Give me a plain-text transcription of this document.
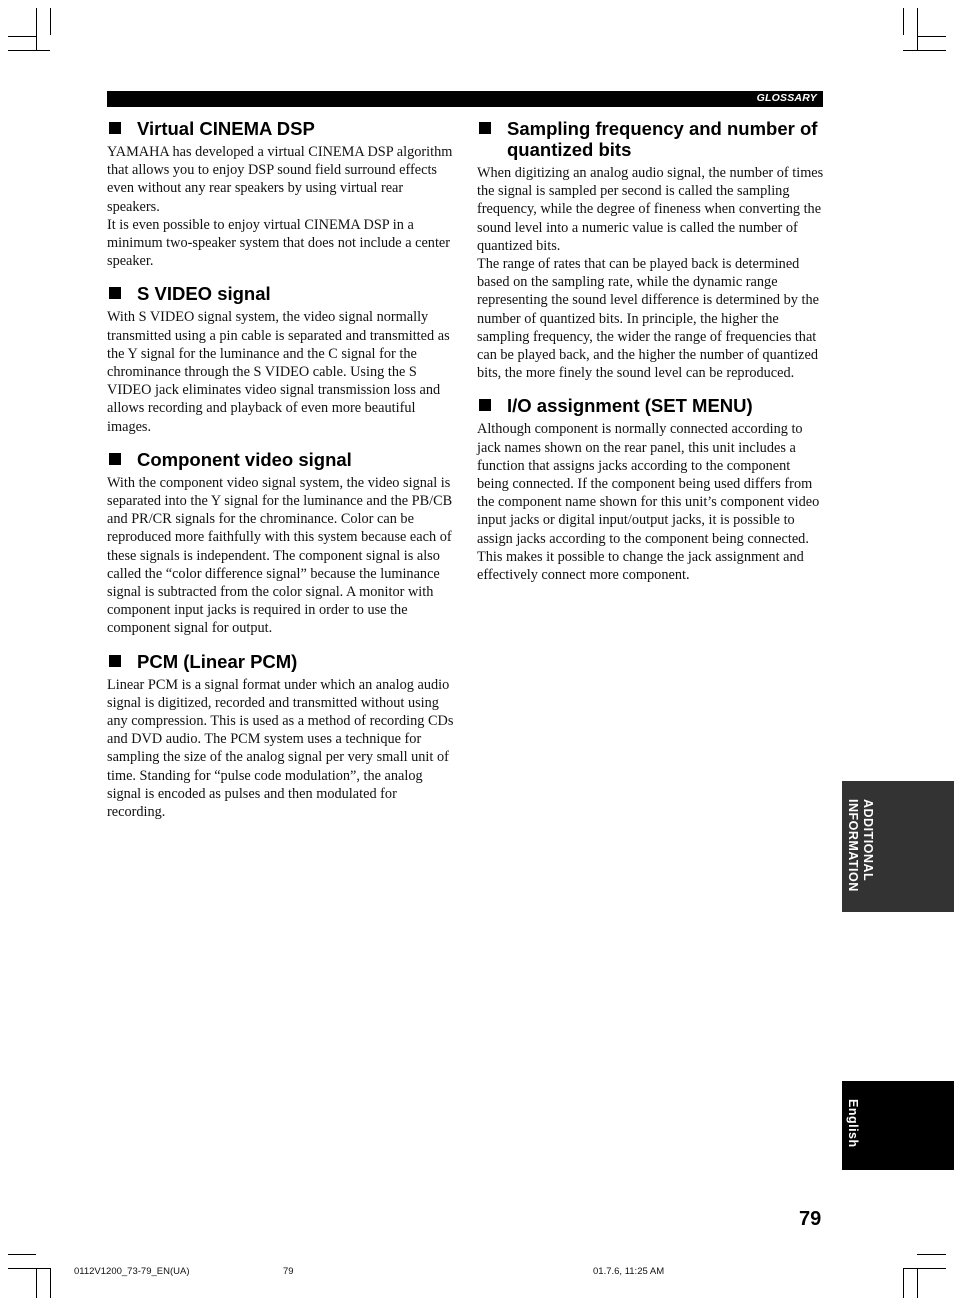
GLOSSARY
Virtual CINEMA DSP

YAMAHA has developed a virtual CINEMA DSP algorithm that allows you to enjoy DSP sound field surround effects even without any rear speakers by using virtual rear speakers.
It is even possible to enjoy virtual CINEMA DSP in a minimum two-speaker system that does not include a center speaker.

S VIDEO signal

With S VIDEO signal system, the video signal normally transmitted using a pin cable is separated and transmitted as the Y signal for the luminance and the C signal for the chrominance through the S VIDEO cable. Using the S VIDEO jack eliminates video signal transmission loss and allows recording and playback of even more beautiful images.

Component video signal

With the component video signal system, the video signal is separated into the Y signal for the luminance and the PB/CB and PR/CR signals for the chrominance. Color can be reproduced more faithfully with this system because each of these signals is independent. The component signal is also called the “color difference signal” because the luminance signal is subtracted from the color signal. A monitor with component input jacks is required in order to use the component signal for output.

PCM (Linear PCM)

Linear PCM is a signal format under which an analog audio signal is digitized, recorded and transmitted without using any compression. This is used as a method of recording CDs and DVD audio. The PCM system uses a technique for sampling the size of the analog signal per very small unit of time. Standing for “pulse code modulation”, the analog signal is encoded as pulses and then modulated for recording.

Sampling frequency and number of quantized bits

When digitizing an analog audio signal, the number of times the signal is sampled per second is called the sampling frequency, while the degree of fineness when converting the sound level into a numeric value is called the number of quantized bits.
The range of rates that can be played back is determined based on the sampling rate, while the dynamic range representing the sound level difference is determined by the number of quantized bits. In principle, the higher the sampling frequency, the wider the range of frequencies that can be played back, and the higher the number of quantized bits, the more finely the sound level can be reproduced.

I/O assignment (SET MENU)

Although component is normally connected according to jack names shown on the rear panel, this unit includes a function that assigns jacks according to the component being connected. If the component being used differs from the component name shown for this unit’s component video input jacks or digital input/output jacks, it is possible to assign jacks according to the component being connected. This makes it possible to change the jack assignment and effectively connect more component.

ADDITIONAL
INFORMATION
English
79
0112V1200_73-79_EN(UA)	79	01.7.6, 11:25 AM
